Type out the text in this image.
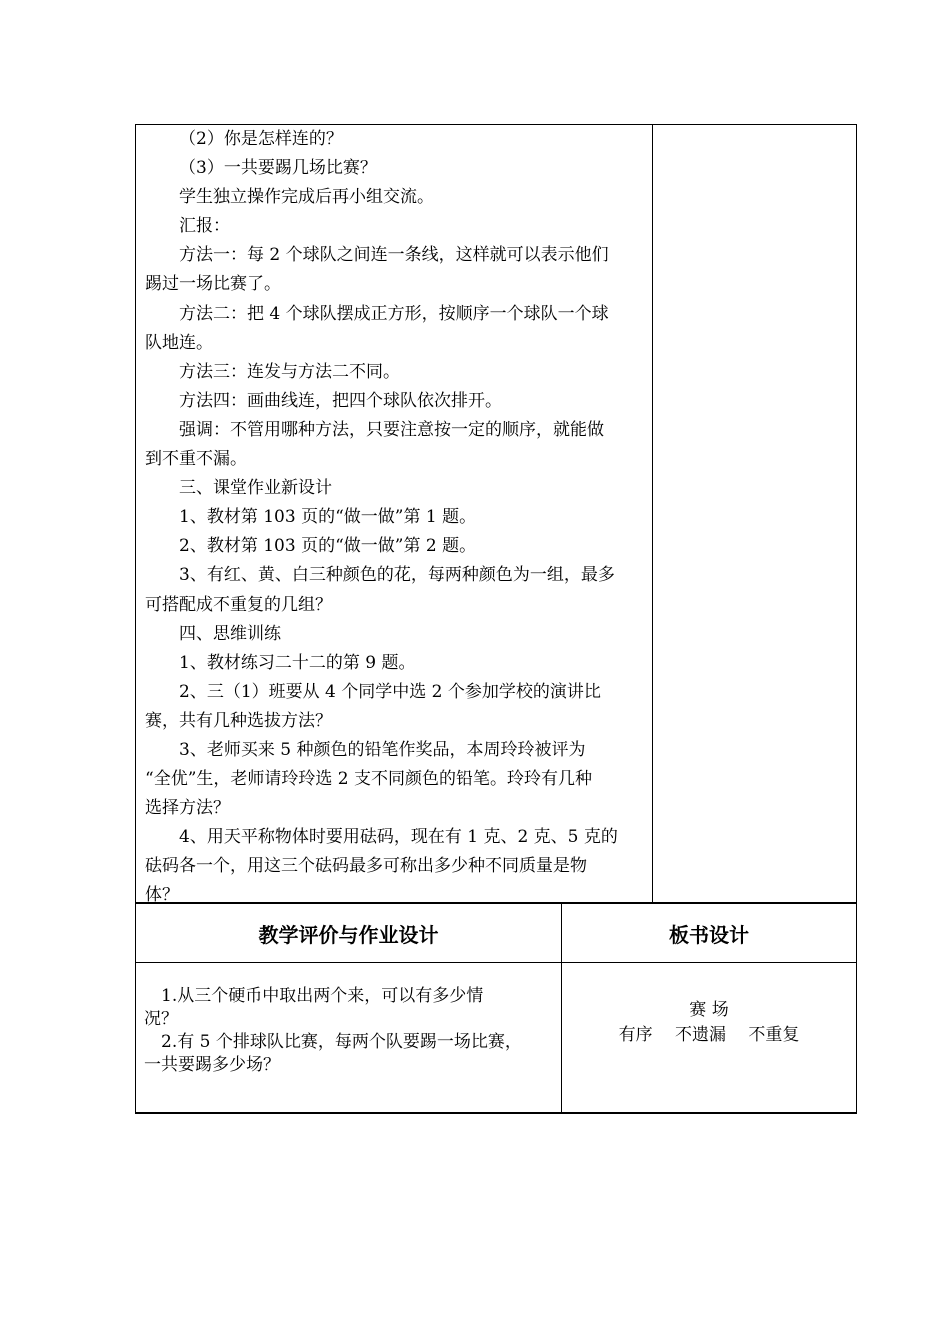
（2）你是怎样连的？
（3）一共要踢几场比赛？
学生独立操作完成后再小组交流。
汇报：
方法一：每 2 个球队之间连一条线，这样就可以表示他们
踢过一场比赛了。
方法二：把 4 个球队摆成正方形，按顺序一个球队一个球
队地连。
方法三：连发与方法二不同。
方法四：画曲线连，把四个球队依次排开。
强调：不管用哪种方法，只要注意按一定的顺序，就能做
到不重不漏。
三、课堂作业新设计
1、教材第 103 页的“做一做”第 1 题。
2、教材第 103 页的“做一做”第 2 题。
3、有红、黄、白三种颜色的花，每两种颜色为一组，最多
可搭配成不重复的几组？
四、思维训练
1、教材练习二十二的第 9 题。
2、三（1）班要从 4 个同学中选 2 个参加学校的演讲比
赛，共有几种选拔方法？
3、老师买来 5 种颜色的铅笔作奖品，本周玲玲被评为
“全优”生，老师请玲玲选 2 支不同颜色的铅笔。玲玲有几种
选择方法？
4、用天平称物体时要用砝码，现在有 1 克、2 克、5 克的
砝码各一个，用这三个砝码最多可称出多少种不同质量是物
体？
教学评价与作业设计	板书设计
　1.从三个硬币中取出两个来，可以有多少情
况？
　2.有 5 个排球队比赛，每两个队要踢一场比赛，
一共要踢多少场？
赛 场
有序　 不遗漏　 不重复
